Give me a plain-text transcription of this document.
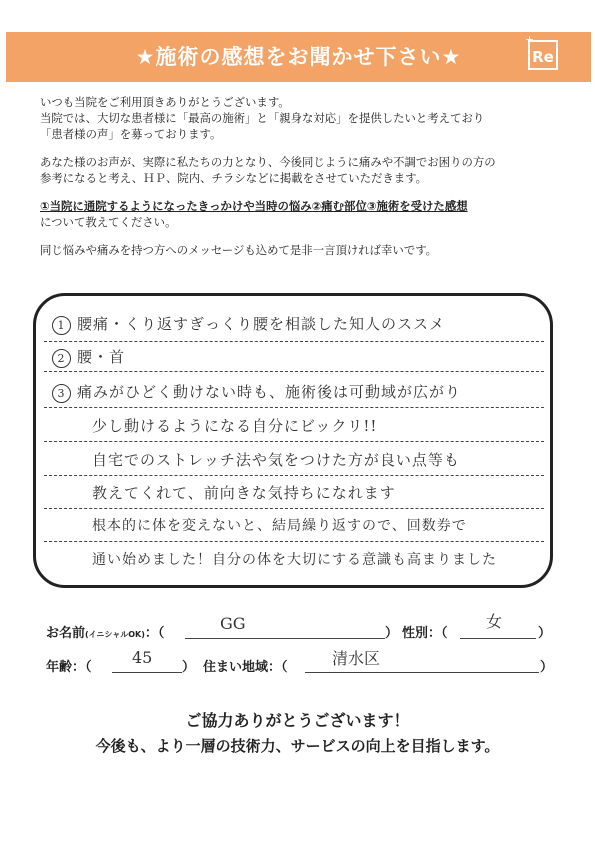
★施術の感想をお聞かせ下さい★
+
Re

いつも当院をご利用頂きありがとうございます。
当院では、大切な患者様に「最高の施術」と「親身な対応」を提供したいと考えており
「患者様の声」を募っております。

あなた様のお声が、実際に私たちの力となり、今後同じように痛みや不調でお困りの方の
参考になると考え、ＨＰ、院内、チラシなどに掲載をさせていただきます。

①当院に通院するようになったきっかけや当時の悩み②痛む部位③施術を受けた感想
について教えてください。

同じ悩みや痛みを持つ方へのメッセージも込めて是非一言頂ければ幸いです。

1 腰痛・くり返すぎっくり腰を相談した知人のススメ
2 腰・首
3 痛みがひどく動けない時も、施術後は可動域が広がり
少し動けるようになる自分にビックリ!!
自宅でのストレッチ法や気をつけた方が良い点等も
教えてくれて、前向きな気持ちになれます
根本的に体を変えないと、結局繰り返すので、回数券で
通い始めました！自分の体を大切にする意識も高まりました
お名前(イニシャルOK)：（
GG
） 性別：（
女
）
年齢：（
45
） 住まい地域：（	清水区	）
ご協力ありがとうございます！
今後も、より一層の技術力、サービスの向上を目指します。
